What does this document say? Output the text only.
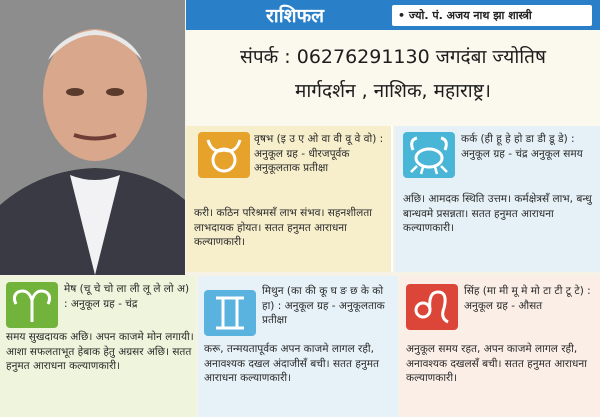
राशिफल	• ज्यो. पं. अजय नाथ झा शास्त्री
संपर्क : 06276291130 जगदंबा ज्योतिष
मार्गदर्शन , नाशिक, महाराष्ट्र।
वृषभ (इ उ ए ओ वा वी वू वे वो) : अनुकूल ग्रह - धीरजपूर्वक अनुकूलताक प्रतीक्षा
करी। कठिन परिश्रमसँ लाभ संभव। सहनशीलता लाभदायक होयत। सतत हनुमत आराधना कल्याणकारी।
कर्क (ही हू हे हो डा डी डू डे) : अनुकूल ग्रह - चंद्र अनुकूल समय
अछि। आमदक स्थिति उत्तम। कर्मक्षेत्रसँ लाभ, बन्धु बान्धवमे प्रसन्नता। सतत हनुमत आराधना कल्याणकारी।
मेष (चू चे चो ला ली लू ले लो अ) : अनुकूल ग्रह - चंद्र
समय सुखदायक अछि। अपन काजमे मोन लगायी। आशा सफलताभूत हेबाक हेतु अग्रसर अछि। सतत हनुमत आराधना कल्याणकारी।
मिथुन (का की कू घ ङ छ के को हा) : अनुकूल ग्रह - अनुकूलताक प्रतीक्षा
करू, तन्मयतापूर्वक अपन काजमे लागल रही, अनावश्यक दखल अंदाजीसँ बची। सतत हनुमत आराधना कल्याणकारी।
सिंह (मा मी मू मे मो टा टी टू टे) : अनुकूल ग्रह - औसत
अनुकूल समय रहत, अपन काजमे लागल रही, अनावश्यक दखलसँ बची। सतत हनुमत आराधना कल्याणकारी।
